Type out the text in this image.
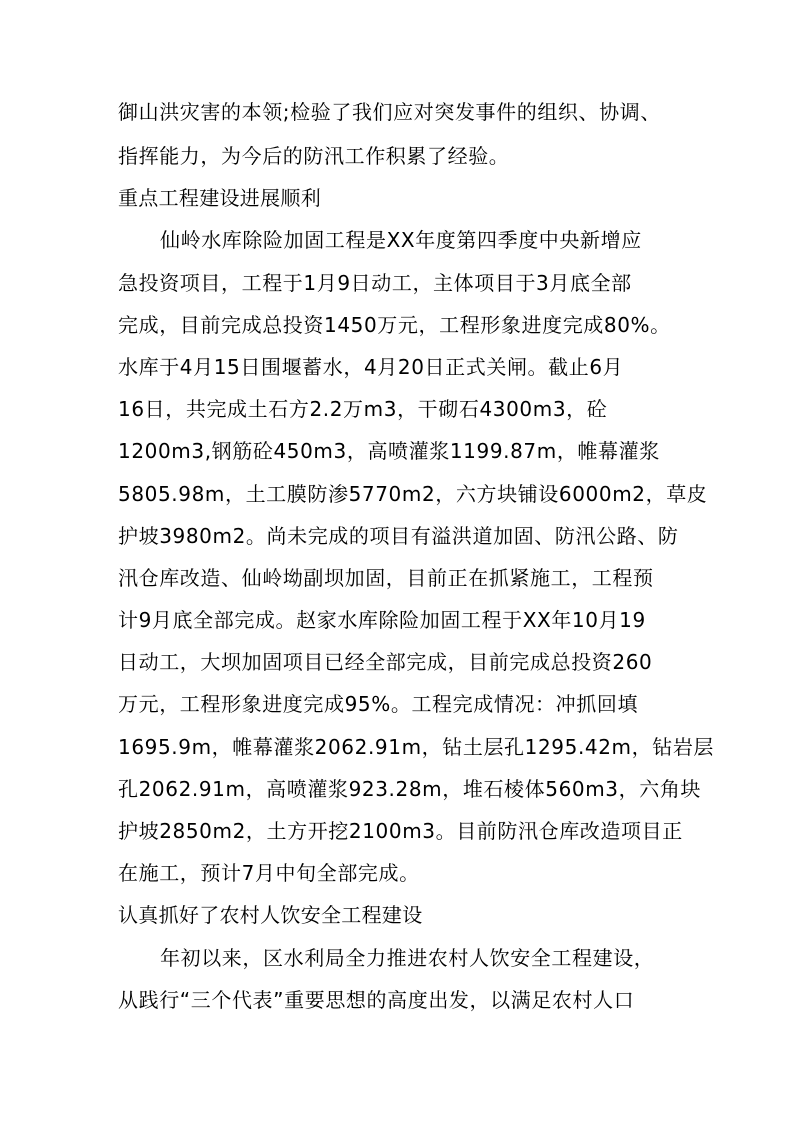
御山洪灾害的本领;检验了我们应对突发事件的组织、协调、
指挥能力，为今后的防汛工作积累了经验。
重点工程建设进展顺利
仙岭水库除险加固工程是XX年度第四季度中央新增应
急投资项目，工程于1月9日动工，主体项目于3月底全部
完成，目前完成总投资1450万元，工程形象进度完成80%。
水库于4月15日围堰蓄水，4月20日正式关闸。截止6月
16日，共完成土石方2.2万m3，干砌石4300m3，砼
1200m3,钢筋砼450m3，高喷灌浆1199.87m，帷幕灌浆
5805.98m，土工膜防渗5770m2，六方块铺设6000m2，草皮
护坡3980m2。尚未完成的项目有溢洪道加固、防汛公路、防
汛仓库改造、仙岭坳副坝加固，目前正在抓紧施工，工程预
计9月底全部完成。赵家水库除险加固工程于XX年10月19
日动工，大坝加固项目已经全部完成，目前完成总投资260
万元，工程形象进度完成95%。工程完成情况：冲抓回填
1695.9m，帷幕灌浆2062.91m，钻土层孔1295.42m，钻岩层
孔2062.91m，高喷灌浆923.28m，堆石棱体560m3，六角块
护坡2850m2，土方开挖2100m3。目前防汛仓库改造项目正
在施工，预计7月中旬全部完成。
认真抓好了农村人饮安全工程建设
年初以来，区水利局全力推进农村人饮安全工程建设，
从践行“三个代表”重要思想的高度出发，以满足农村人口
